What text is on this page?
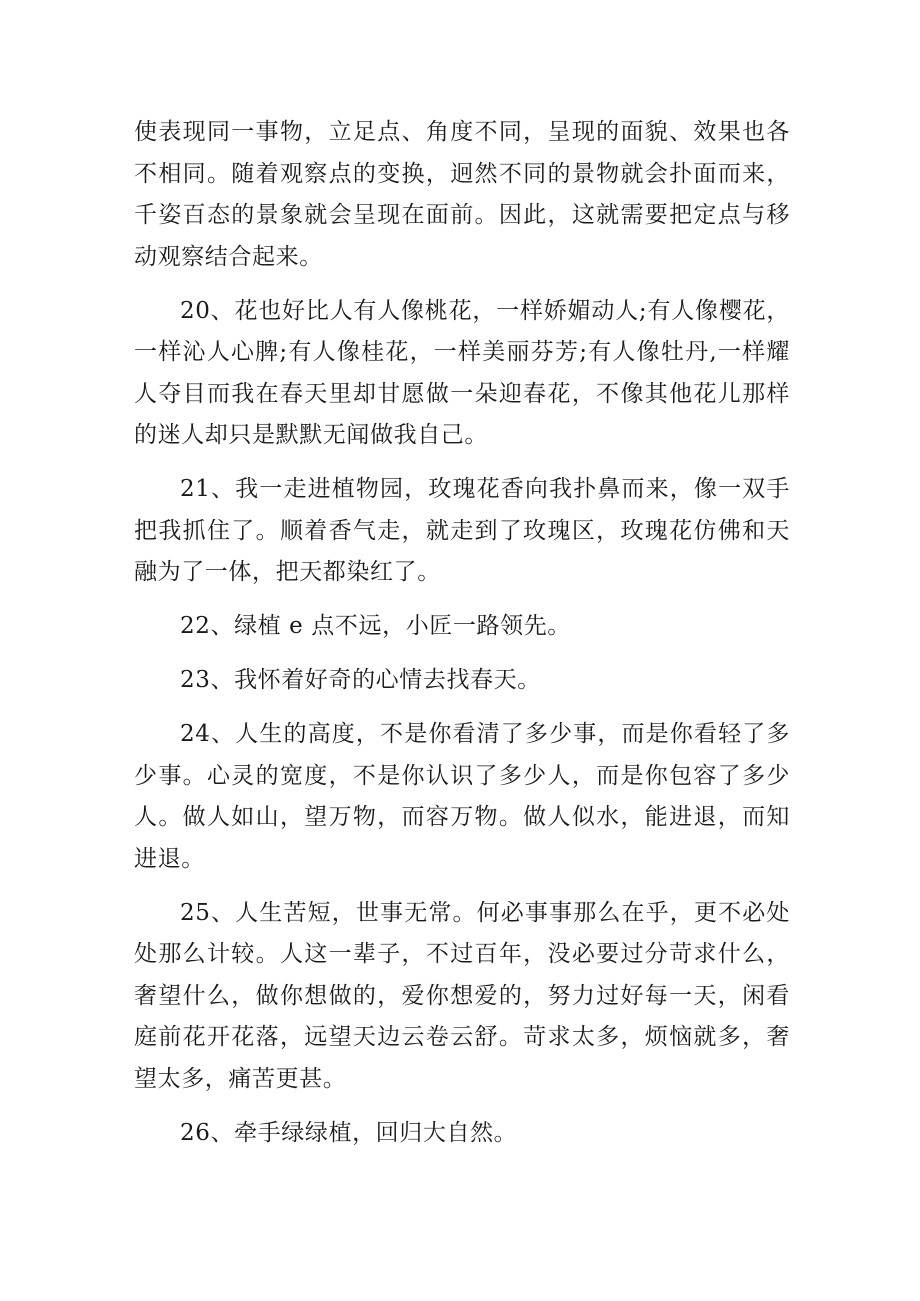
使表现同一事物，立足点、角度不同，呈现的面貌、效果也各不相同。随着观察点的变换，迥然不同的景物就会扑面而来，千姿百态的景象就会呈现在面前。因此，这就需要把定点与移动观察结合起来。

20、花也好比人有人像桃花，一样娇媚动人;有人像樱花，一样沁人心脾;有人像桂花，一样美丽芬芳;有人像牡丹,一样耀人夺目而我在春天里却甘愿做一朵迎春花，不像其他花儿那样的迷人却只是默默无闻做我自己。

21、我一走进植物园，玫瑰花香向我扑鼻而来，像一双手把我抓住了。顺着香气走，就走到了玫瑰区，玫瑰花仿佛和天融为了一体，把天都染红了。

22、绿植 e 点不远，小匠一路领先。

23、我怀着好奇的心情去找春天。

24、人生的高度，不是你看清了多少事，而是你看轻了多少事。心灵的宽度，不是你认识了多少人，而是你包容了多少人。做人如山，望万物，而容万物。做人似水，能进退，而知进退。

25、人生苦短，世事无常。何必事事那么在乎，更不必处处那么计较。人这一辈子，不过百年，没必要过分苛求什么，奢望什么，做你想做的，爱你想爱的，努力过好每一天，闲看庭前花开花落，远望天边云卷云舒。苛求太多，烦恼就多，奢望太多，痛苦更甚。

26、牵手绿绿植，回归大自然。
